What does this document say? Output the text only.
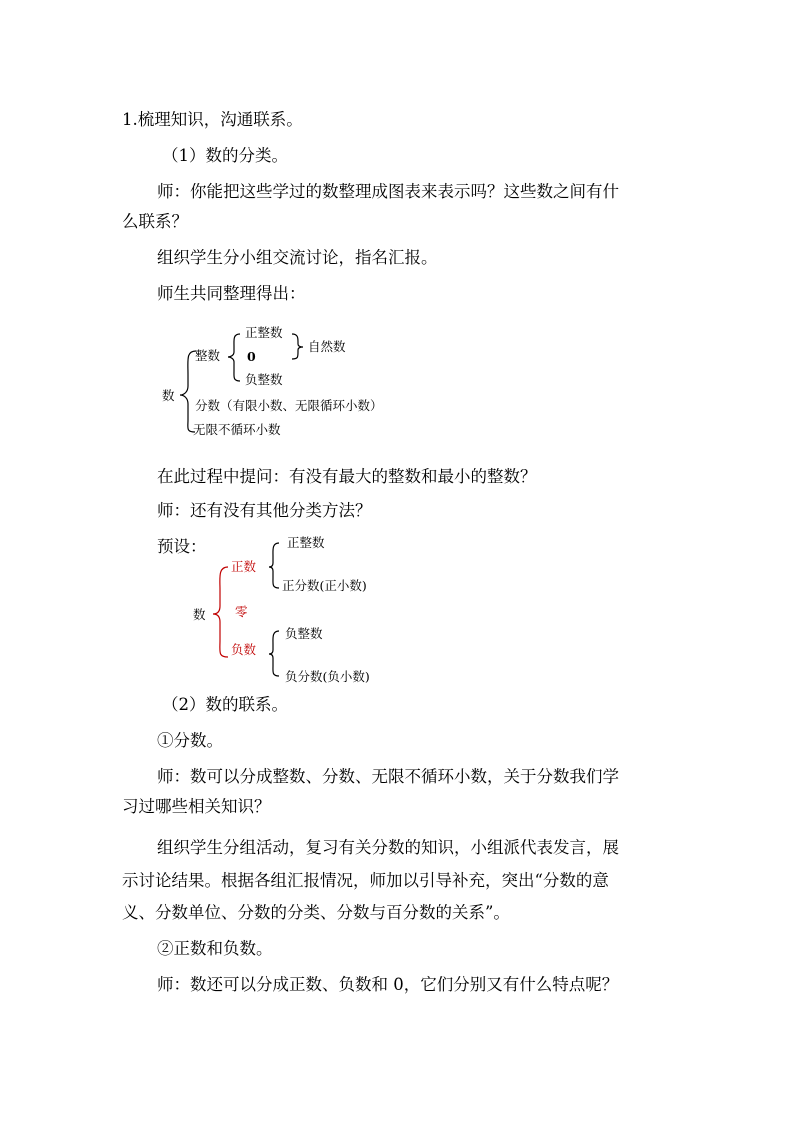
1.梳理知识，沟通联系。
（1）数的分类。
师：你能把这些学过的数整理成图表来表示吗？这些数之间有什
么联系？
组织学生分小组交流讨论，指名汇报。
师生共同整理得出：
数
整数
正整数
0
负整数
自然数
分数（有限小数、无限循环小数）
无限不循环小数
在此过程中提问：有没有最大的整数和最小的整数？
师：还有没有其他分类方法？
预设：
数
正数
零
负数
正整数
正分数(正小数)
负整数
负分数(负小数)
（2）数的联系。
①分数。
师：数可以分成整数、分数、无限不循环小数，关于分数我们学
习过哪些相关知识？
组织学生分组活动，复习有关分数的知识，小组派代表发言，展
示讨论结果。根据各组汇报情况，师加以引导补充，突出“分数的意
义、分数单位、分数的分类、分数与百分数的关系”。
②正数和负数。
师：数还可以分成正数、负数和 0，它们分别又有什么特点呢？
